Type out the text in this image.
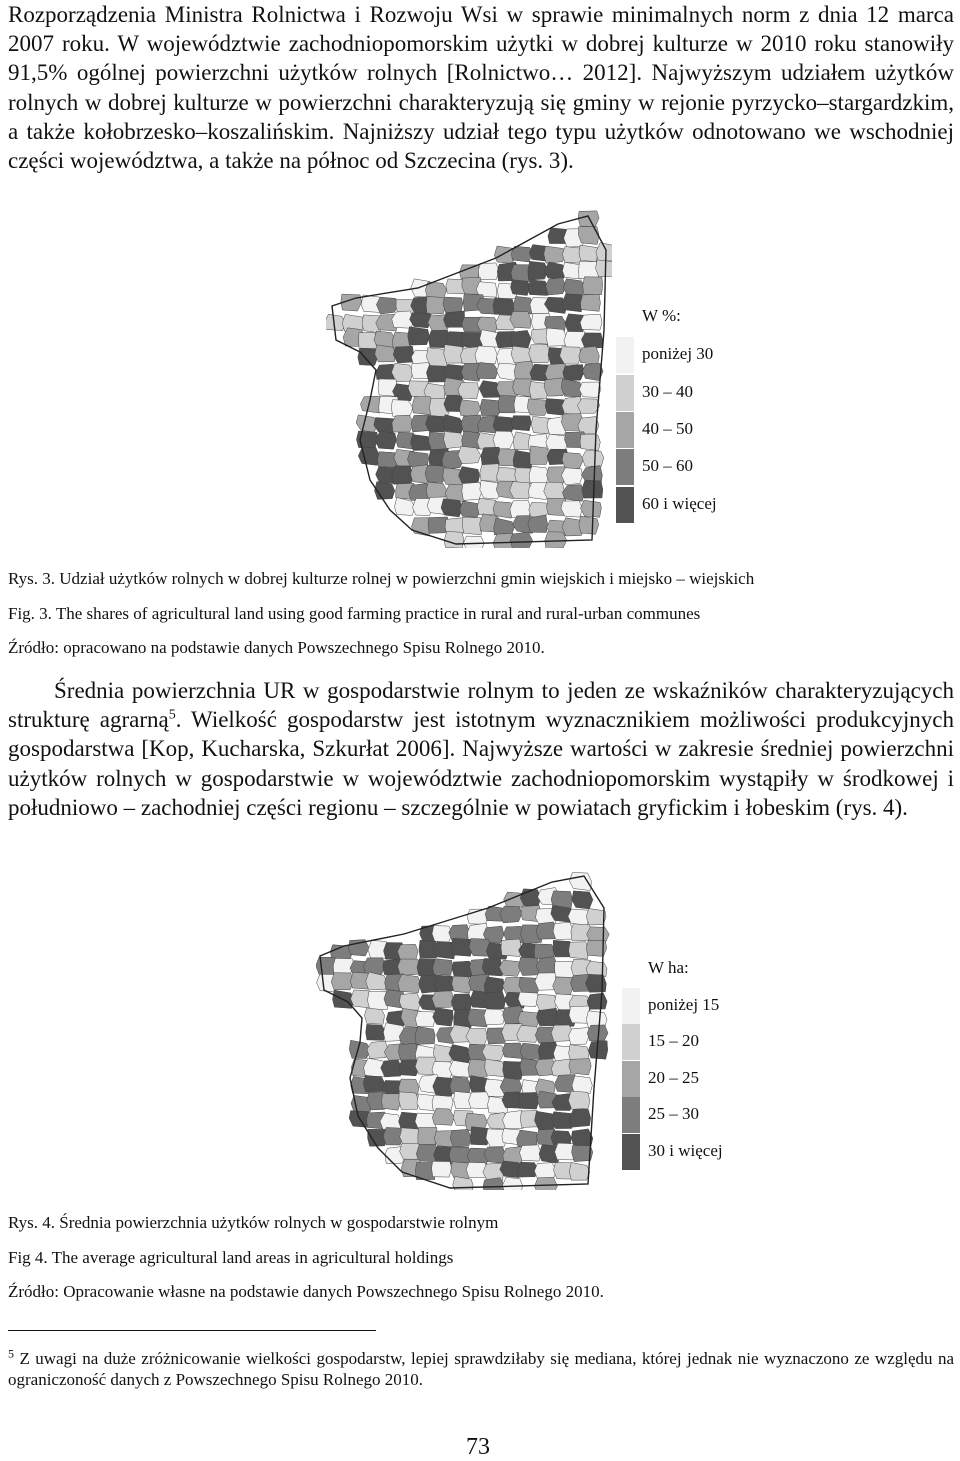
Rozporządzenia Ministra Rolnictwa i Rozwoju Wsi w sprawie minimalnych norm z dnia 12 marca 2007 roku. W województwie zachodniopomorskim użytki w dobrej kulturze w 2010 roku stanowiły 91,5% ogólnej powierzchni użytków rolnych [Rolnictwo… 2012]. Najwyższym udziałem użytków rolnych w dobrej kulturze w powierzchni charakteryzują się gminy w rejonie pyrzycko–stargardzkim, a także kołobrzesko–koszalińskim. Najniższy udział tego typu użytków odnotowano we wschodniej części województwa, a także na północ od Szczecina (rys. 3).

W %:
poniżej 30
30 – 40
40 – 50
50 – 60
60 i więcej

Rys. 3. Udział użytków rolnych w dobrej kulturze rolnej w powierzchni gmin wiejskich i miejsko – wiejskich

Fig. 3. The shares of agricultural land using good farming practice in rural and rural-urban communes

Źródło: opracowano na podstawie danych Powszechnego Spisu Rolnego 2010.

Średnia powierzchnia UR w gospodarstwie rolnym to jeden ze wskaźników charakteryzujących strukturę agrarną$^5$. Wielkość gospodarstw jest istotnym wyznacznikiem możliwości produkcyjnych gospodarstwa [Kop, Kucharska, Szkurłat 2006]. Najwyższe wartości w zakresie średniej powierzchni użytków rolnych w gospodarstwie w województwie zachodniopomorskim wystąpiły w środkowej i południowo – zachodniej części regionu – szczególnie w powiatach gryfickim i łobeskim (rys. 4).

W ha:
poniżej 15
15 – 20
20 – 25
25 – 30
30 i więcej

Rys. 4. Średnia powierzchnia użytków rolnych w gospodarstwie rolnym

Fig 4. The average agricultural land areas in agricultural holdings

Źródło: Opracowanie własne na podstawie danych Powszechnego Spisu Rolnego 2010.

$^5$ Z uwagi na duże zróżnicowanie wielkości gospodarstw, lepiej sprawdziłaby się mediana, której jednak nie wyznaczono ze względu na ograniczoność danych z Powszechnego Spisu Rolnego 2010.

73
